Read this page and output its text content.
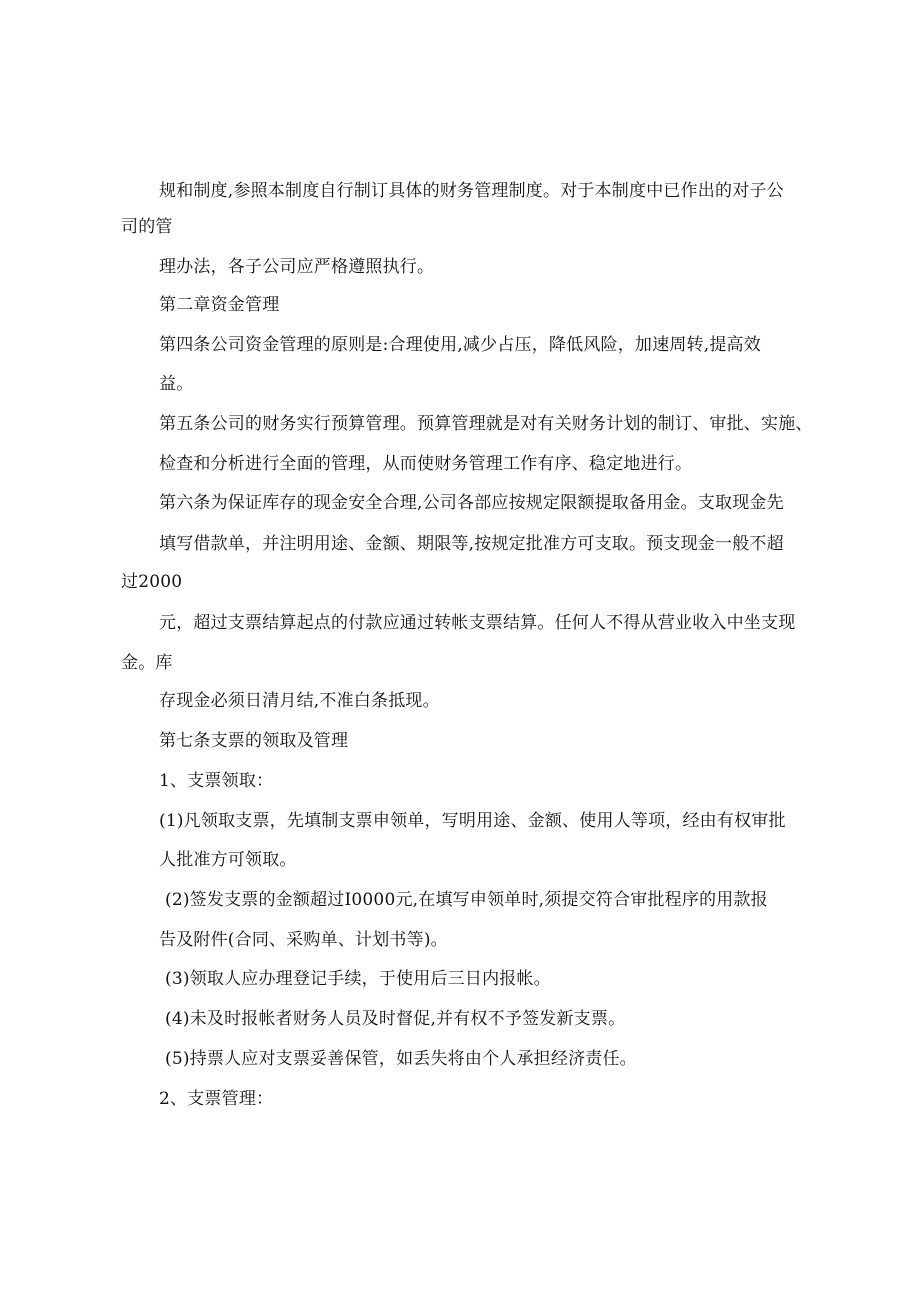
规和制度,参照本制度自行制订具体的财务管理制度。对于本制度中已作出的对子公
司的管
理办法，各子公司应严格遵照执行。
第二章资金管理
第四条公司资金管理的原则是:合理使用,减少占压，降低风险，加速周转,提高效
益。
第五条公司的财务实行预算管理。预算管理就是对有关财务计划的制订、审批、实施、
检查和分析进行全面的管理，从而使财务管理工作有序、稳定地进行。
第六条为保证库存的现金安全合理,公司各部应按规定限额提取备用金。支取现金先
填写借款单，并注明用途、金额、期限等,按规定批准方可支取。预支现金一般不超
过2000
元，超过支票结算起点的付款应通过转帐支票结算。任何人不得从营业收入中坐支现
金。库
存现金必须日清月结,不准白条抵现。
第七条支票的领取及管理
1、支票领取：
(1)凡领取支票，先填制支票申领单，写明用途、金额、使用人等项，经由有权审批
人批准方可领取。
(2)签发支票的金额超过I0000元,在填写申领单时,须提交符合审批程序的用款报
告及附件(合同、采购单、计划书等)。
(3)领取人应办理登记手续，于使用后三日内报帐。
(4)未及时报帐者财务人员及时督促,并有权不予签发新支票。
(5)持票人应对支票妥善保管，如丢失将由个人承担经济责任。
2、支票管理：
